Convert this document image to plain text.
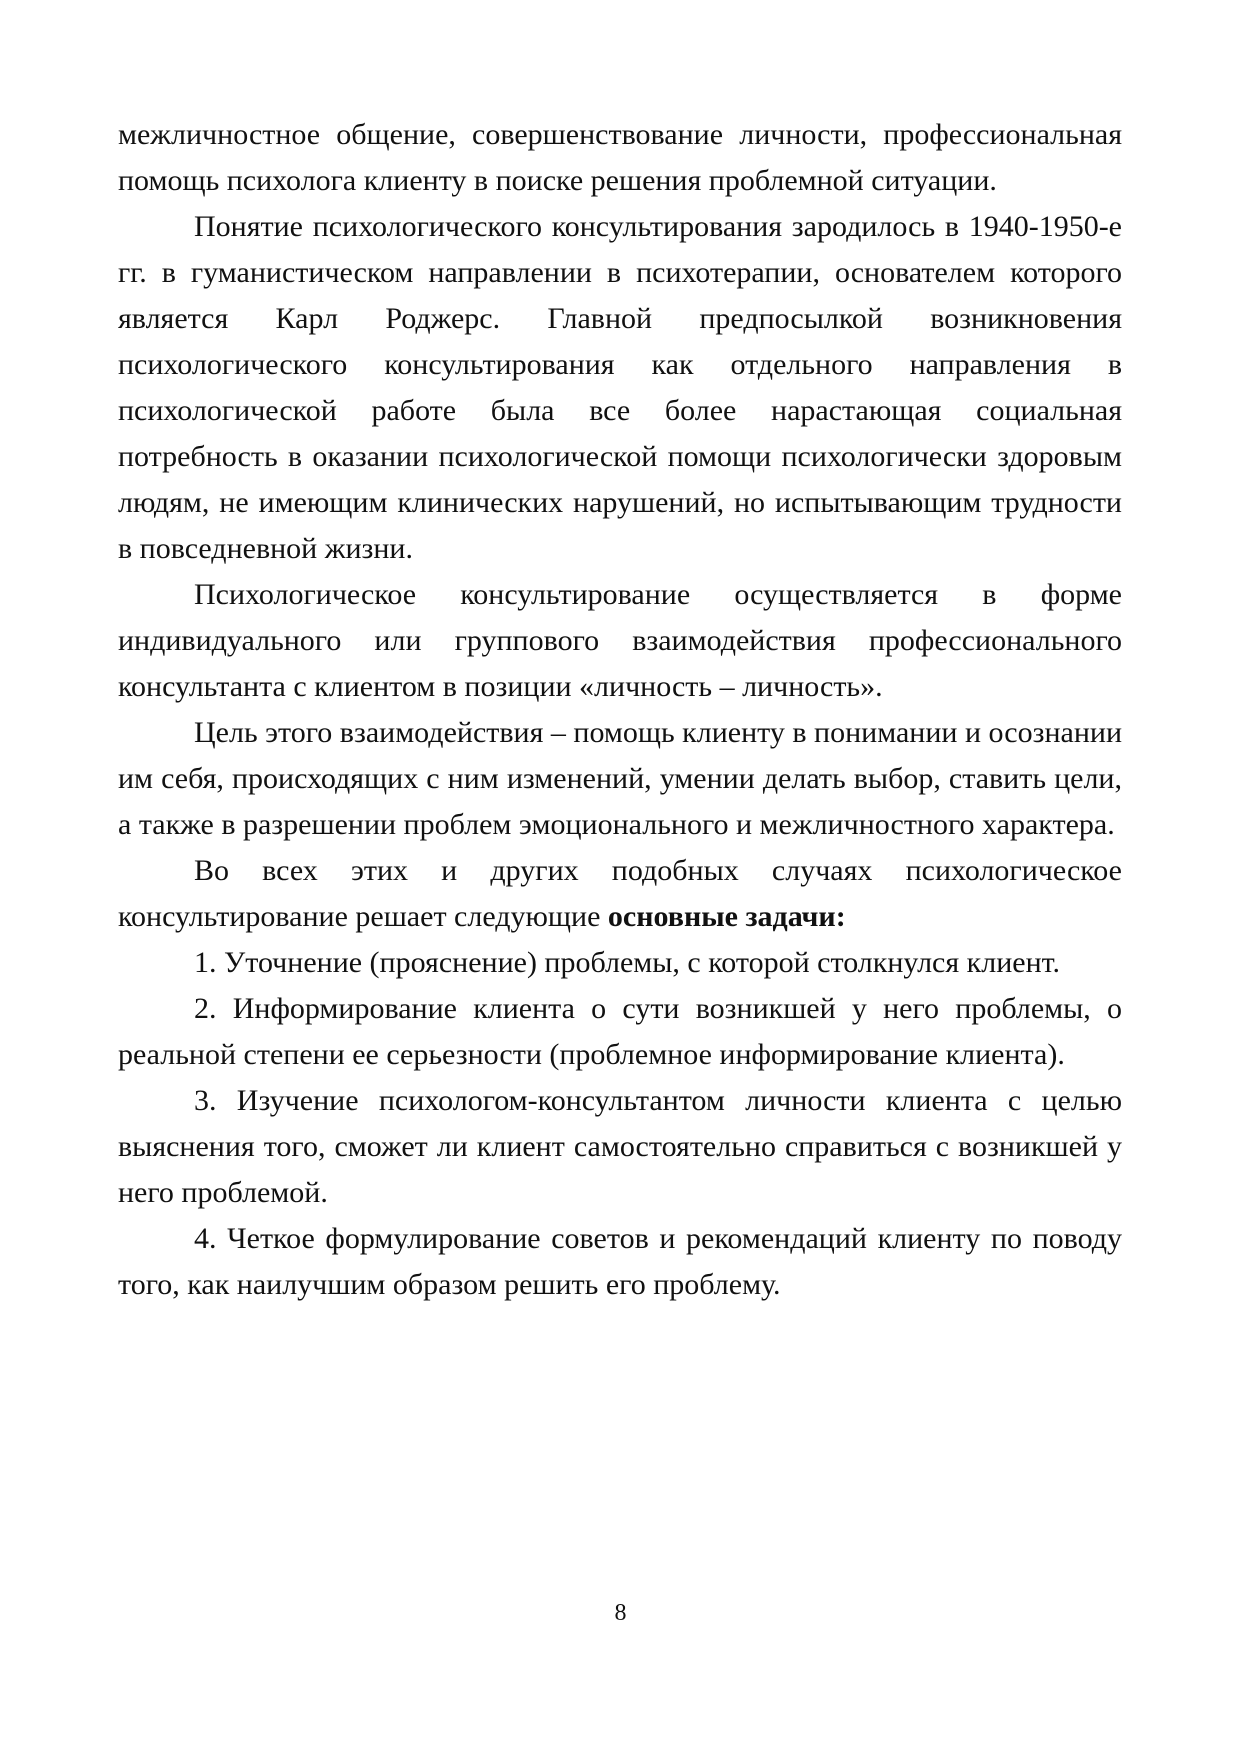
межличностное общение, совершенствование личности, профессиональная помощь психолога клиенту в поиске решения проблемной ситуации.

Понятие психологического консультирования зародилось в 1940-1950-е гг. в гуманистическом направлении в психотерапии, основателем которого является Карл Роджерс. Главной предпосылкой возникновения психологического консультирования как отдельного направления в психологической работе была все более нарастающая социальная потребность в оказании психологической помощи психологически здоровым людям, не имеющим клинических нарушений, но испытывающим трудности в повседневной жизни.

Психологическое консультирование осуществляется в форме индивидуального или группового взаимодействия профессионального консультанта с клиентом в позиции «личность – личность».

Цель этого взаимодействия – помощь клиенту в понимании и осознании им себя, происходящих с ним изменений, умении делать выбор, ставить цели, а также в разрешении проблем эмоционального и межличностного характера.

Во всех этих и других подобных случаях психологическое консультирование решает следующие основные задачи:

1. Уточнение (прояснение) проблемы, с которой столкнулся клиент.

2. Информирование клиента о сути возникшей у него проблемы, о реальной степени ее серьезности (проблемное информирование клиента).

3. Изучение психологом-консультантом личности клиента с целью выяснения того, сможет ли клиент самостоятельно справиться с возникшей у него проблемой.

4. Четкое формулирование советов и рекомендаций клиенту по поводу того, как наилучшим образом решить его проблему.

8
